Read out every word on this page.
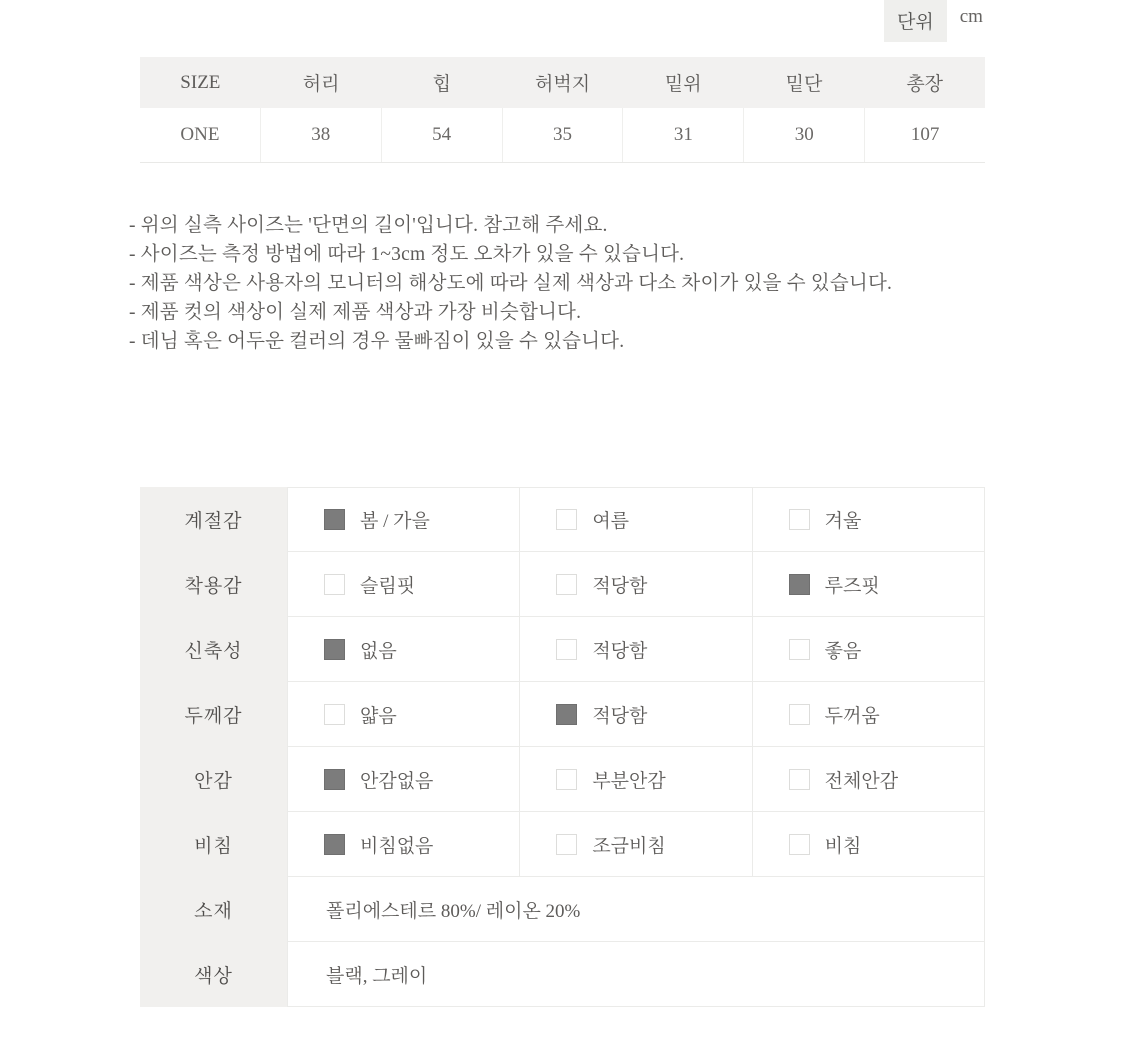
단위	cm
SIZE	허리	힙	허벅지	밑위	밑단	총장
ONE	38	54	35	31	30	107
- 위의 실측 사이즈는 '단면의 길이'입니다. 참고해 주세요.
- 사이즈는 측정 방법에 따라 1~3cm 정도 오차가 있을 수 있습니다.
- 제품 색상은 사용자의 모니터의 해상도에 따라 실제 색상과 다소 차이가 있을 수 있습니다.
- 제품 컷의 색상이 실제 제품 색상과 가장 비슷합니다.
- 데님 혹은 어두운 컬러의 경우 물빠짐이 있을 수 있습니다.
계절감	봄 / 가을	여름	겨울
착용감	슬림핏	적당함	루즈핏
신축성	없음	적당함	좋음
두께감	얇음	적당함	두꺼움
안감	안감없음	부분안감	전체안감
비침	비침없음	조금비침	비침
소재	폴리에스테르 80%/ 레이온 20%
색상	블랙, 그레이
